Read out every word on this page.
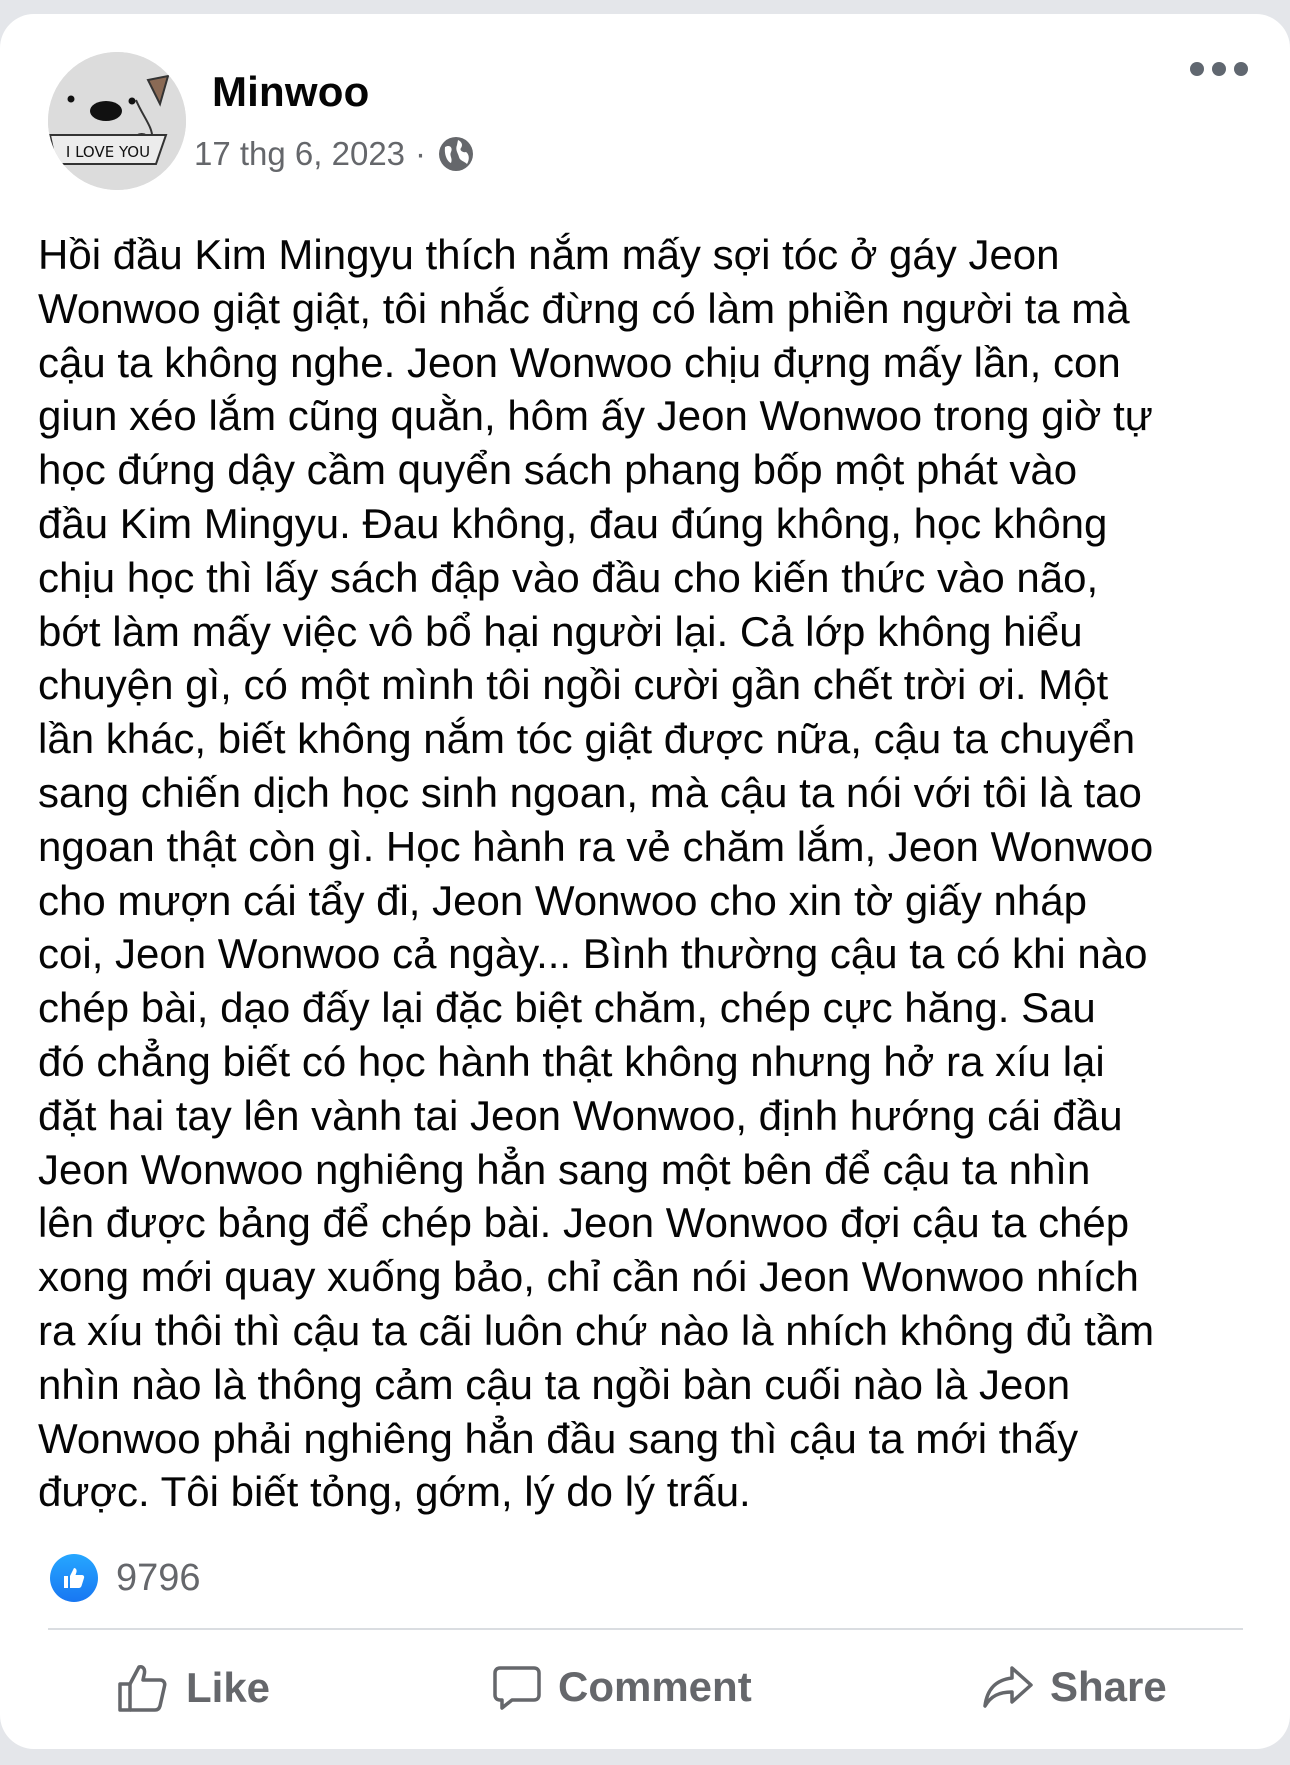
I LOVE YOU
Minwoo
17 thg 6, 2023 ·
Hồi đầu Kim Mingyu thích nắm mấy sợi tóc ở gáy Jeon
Wonwoo giật giật, tôi nhắc đừng có làm phiền người ta mà
cậu ta không nghe. Jeon Wonwoo chịu đựng mấy lần, con
giun xéo lắm cũng quằn, hôm ấy Jeon Wonwoo trong giờ tự
học đứng dậy cầm quyển sách phang bốp một phát vào
đầu Kim Mingyu. Đau không, đau đúng không, học không
chịu học thì lấy sách đập vào đầu cho kiến thức vào não,
bớt làm mấy việc vô bổ hại người lại. Cả lớp không hiểu
chuyện gì, có một mình tôi ngồi cười gần chết trời ơi. Một
lần khác, biết không nắm tóc giật được nữa, cậu ta chuyển
sang chiến dịch học sinh ngoan, mà cậu ta nói với tôi là tao
ngoan thật còn gì. Học hành ra vẻ chăm lắm, Jeon Wonwoo
cho mượn cái tẩy đi, Jeon Wonwoo cho xin tờ giấy nháp
coi, Jeon Wonwoo cả ngày... Bình thường cậu ta có khi nào
chép bài, dạo đấy lại đặc biệt chăm, chép cực hăng. Sau
đó chẳng biết có học hành thật không nhưng hở ra xíu lại
đặt hai tay lên vành tai Jeon Wonwoo, định hướng cái đầu
Jeon Wonwoo nghiêng hẳn sang một bên để cậu ta nhìn
lên được bảng để chép bài. Jeon Wonwoo đợi cậu ta chép
xong mới quay xuống bảo, chỉ cần nói Jeon Wonwoo nhích
ra xíu thôi thì cậu ta cãi luôn chứ nào là nhích không đủ tầm
nhìn nào là thông cảm cậu ta ngồi bàn cuối nào là Jeon
Wonwoo phải nghiêng hẳn đầu sang thì cậu ta mới thấy
được. Tôi biết tỏng, gớm, lý do lý trấu.
9796
Like	Comment	Share
